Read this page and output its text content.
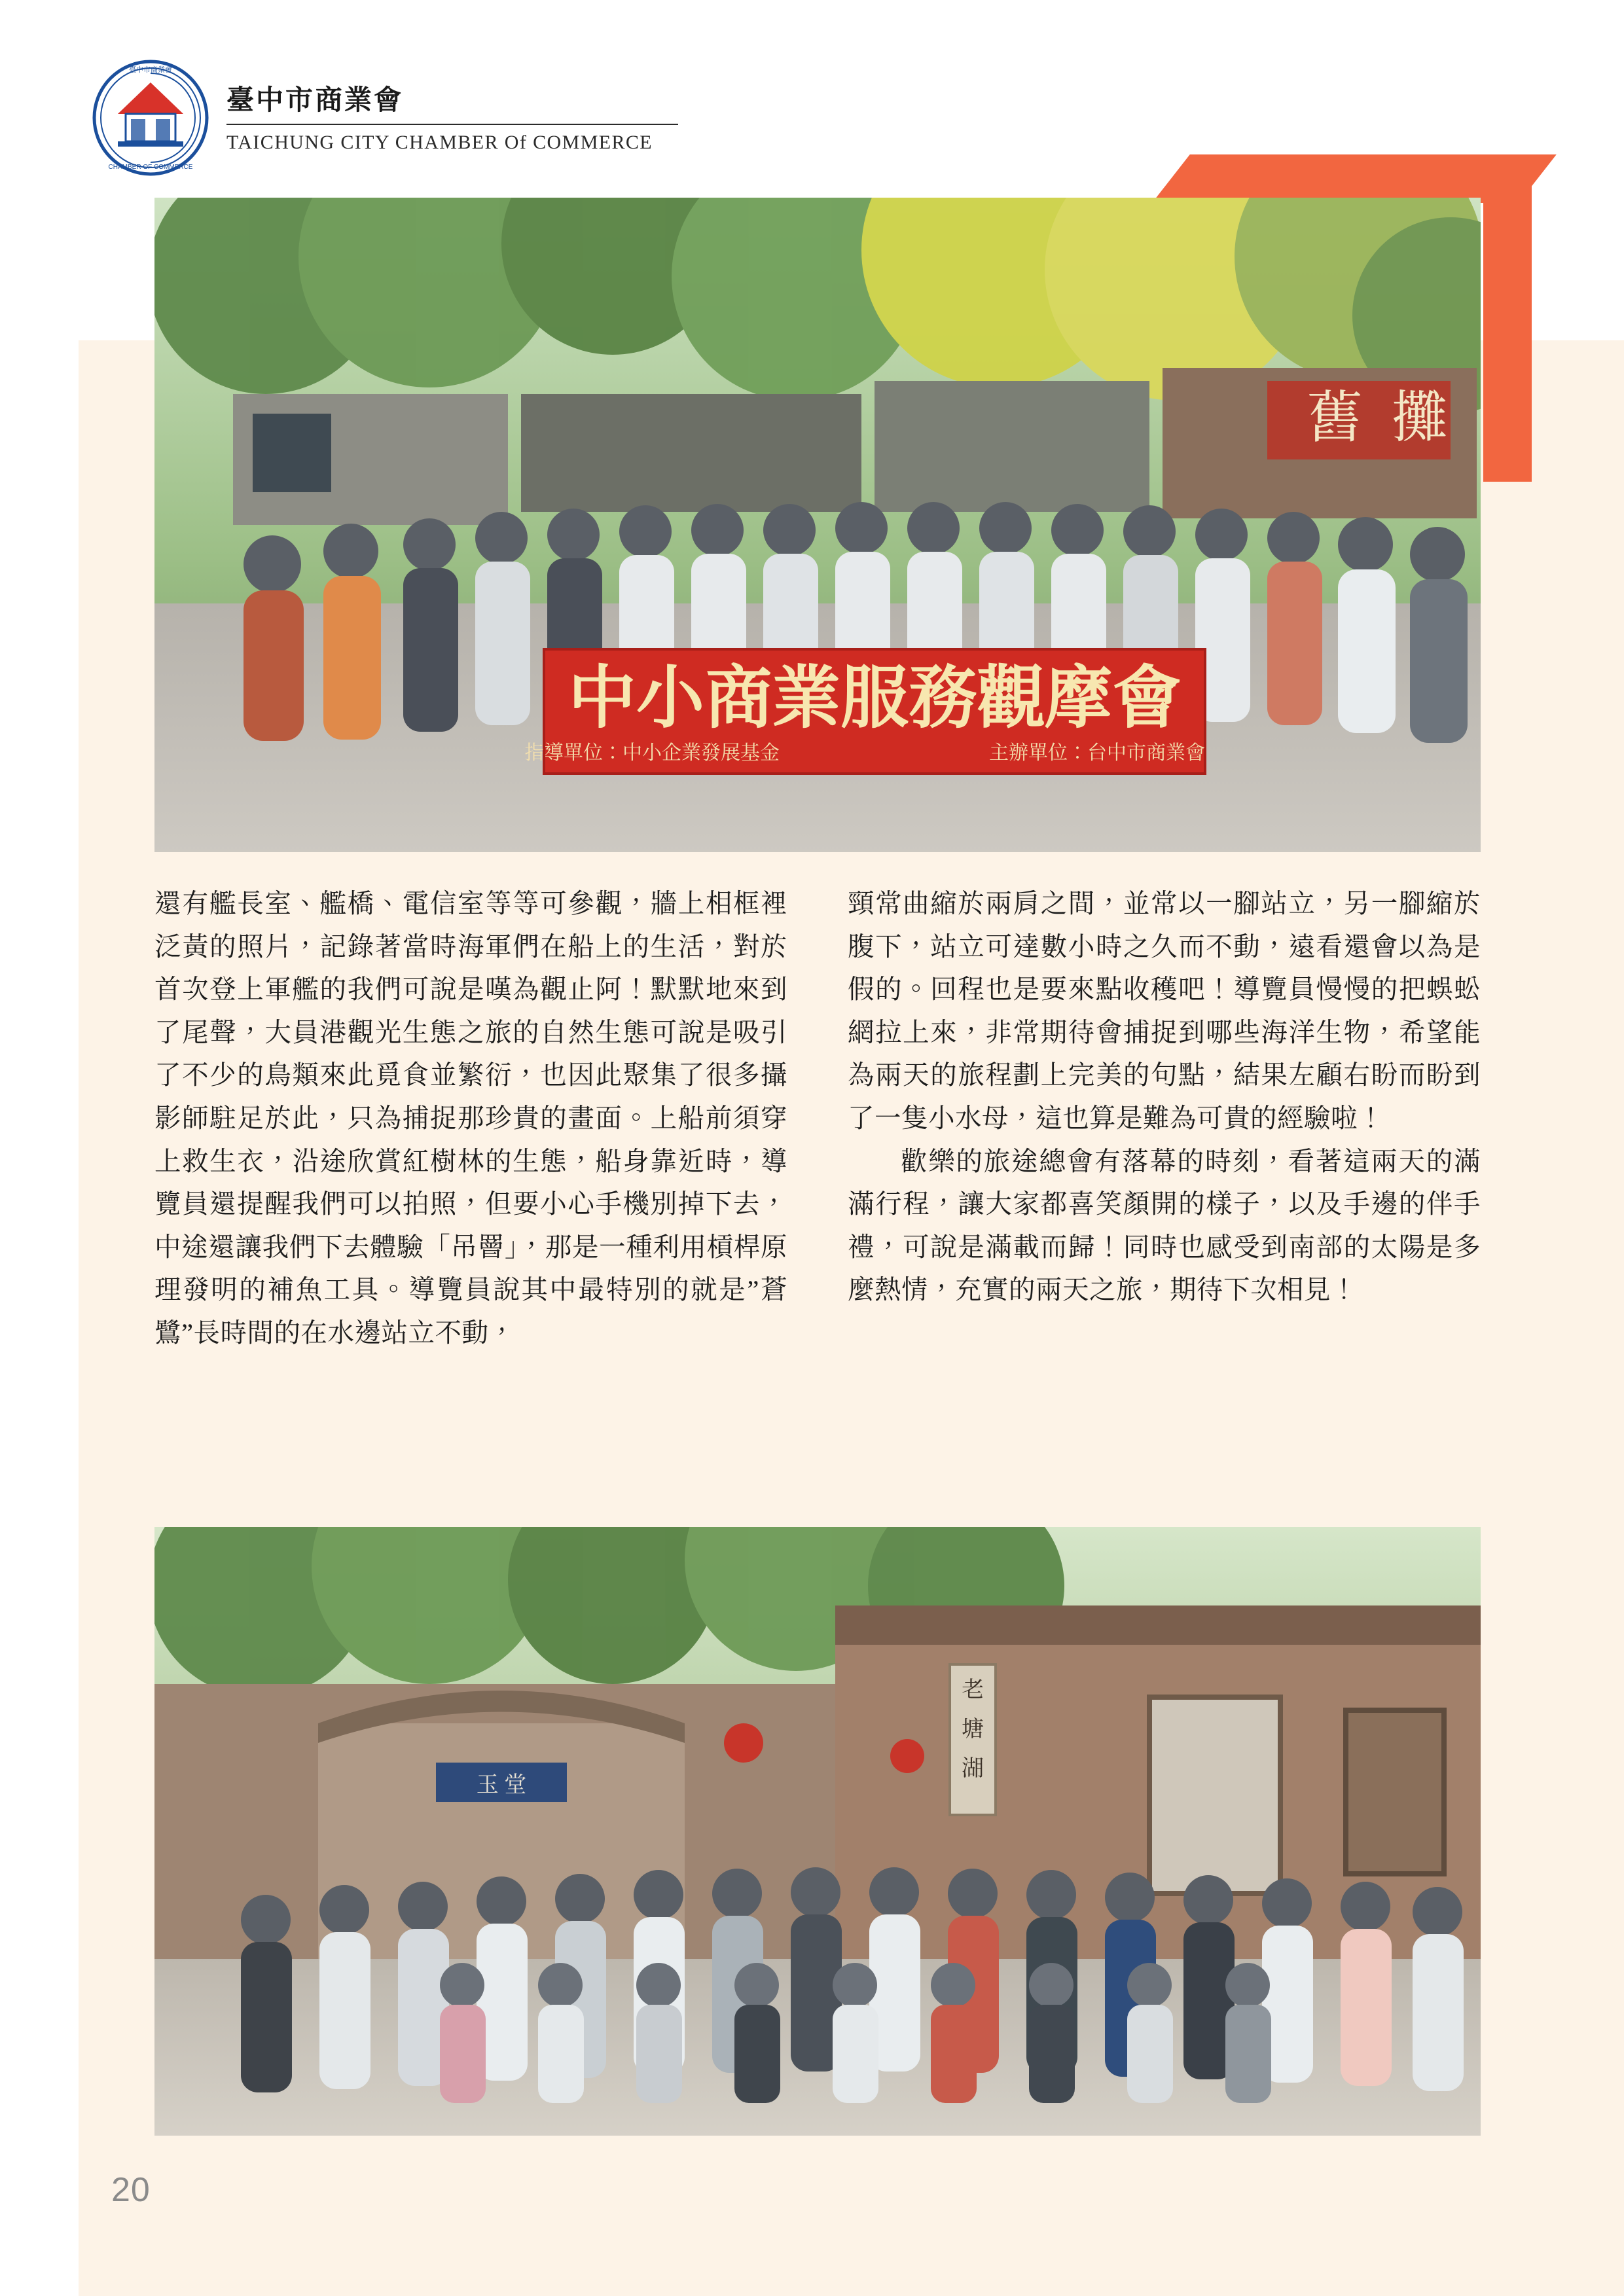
臺中市商業會
CHAMBER OF COMMERCE
臺中市商業會
TAICHUNG CITY CHAMBER Of COMMERCE
舊 攤
中小商業服務觀摩會
指導單位：中小企業發展基金	主辦單位：台中市商業會

還有艦長室、艦橋、電信室等等可參觀，牆上相框裡泛黃的照片，記錄著當時海軍們在船上的生活，對於首次登上軍艦的我們可說是嘆為觀止阿！默默地來到了尾聲，大員港觀光生態之旅的自然生態可說是吸引了不少的鳥類來此覓食並繁衍，也因此聚集了很多攝影師駐足於此，只為捕捉那珍貴的畫面。上船前須穿上救生衣，沿途欣賞紅樹林的生態，船身靠近時，導覽員還提醒我們可以拍照，但要小心手機別掉下去，中途還讓我們下去體驗「吊罾」，那是一種利用槓桿原理發明的補魚工具。導覽員說其中最特別的就是”蒼鷺”長時間的在水邊站立不動，

頸常曲縮於兩肩之間，並常以一腳站立，另一腳縮於腹下，站立可達數小時之久而不動，遠看還會以為是假的。回程也是要來點收穫吧！導覽員慢慢的把蜈蚣網拉上來，非常期待會捕捉到哪些海洋生物，希望能為兩天的旅程劃上完美的句點，結果左顧右盼而盼到了一隻小水母，這也算是難為可貴的經驗啦！

歡樂的旅途總會有落幕的時刻，看著這兩天的滿滿行程，讓大家都喜笑顏開的樣子，以及手邊的伴手禮，可說是滿載而歸！同時也感受到南部的太陽是多麼熱情，充實的兩天之旅，期待下次相見！

玉 堂
老
塘
湖
20
